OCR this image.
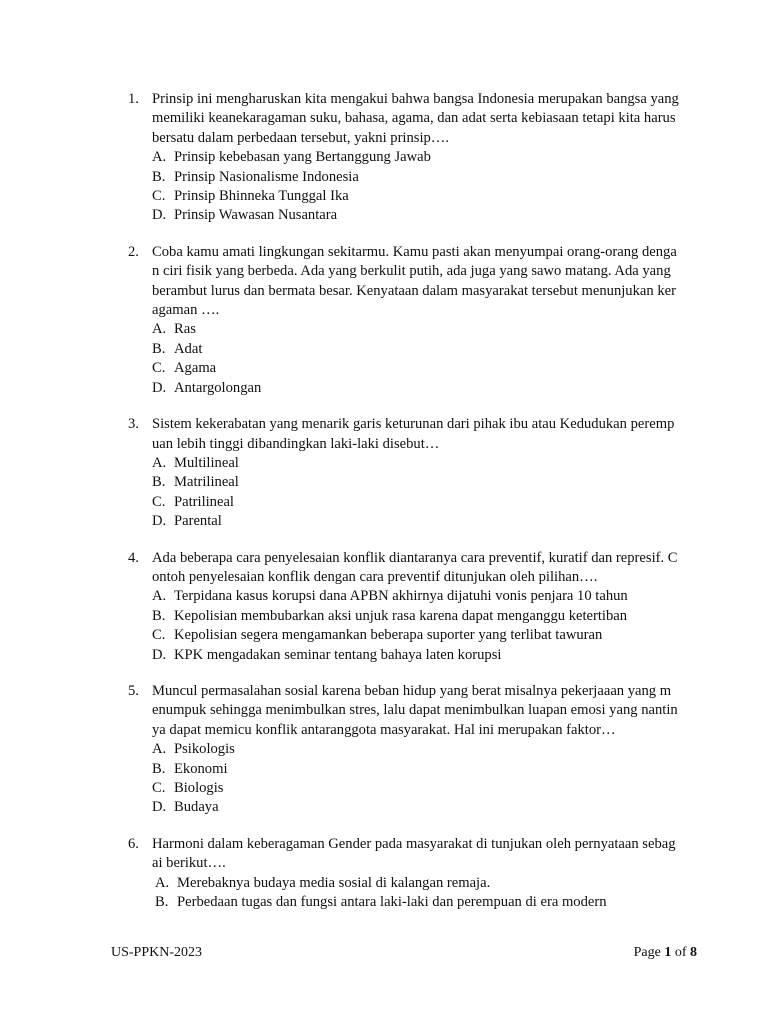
1. Prinsip ini mengharuskan kita mengakui bahwa bangsa Indonesia merupakan bangsa yang
memiliki keanekaragaman suku, bahasa, agama, dan adat serta kebiasaan tetapi kita harus
bersatu dalam perbedaan tersebut, yakni prinsip….
A. Prinsip kebebasan yang Bertanggung Jawab
B. Prinsip Nasionalisme Indonesia
C. Prinsip Bhinneka Tunggal Ika
D. Prinsip Wawasan Nusantara
2. Coba kamu amati lingkungan sekitarmu. Kamu pasti akan menyumpai orang-orang denga
n ciri fisik yang berbeda. Ada yang berkulit putih, ada juga yang sawo matang. Ada yang
berambut lurus dan bermata besar. Kenyataan dalam masyarakat tersebut menunjukan ker
agaman ….
A. Ras
B. Adat
C. Agama
D. Antargolongan
3. Sistem kekerabatan yang menarik garis keturunan dari pihak ibu atau Kedudukan peremp
uan lebih tinggi dibandingkan laki-laki disebut…
A. Multilineal
B. Matrilineal
C. Patrilineal
D. Parental
4. Ada beberapa cara penyelesaian konflik diantaranya cara preventif, kuratif dan represif. C
ontoh penyelesaian konflik dengan cara preventif ditunjukan oleh pilihan….
A. Terpidana kasus korupsi dana APBN akhirnya dijatuhi vonis penjara 10 tahun
B. Kepolisian membubarkan aksi unjuk rasa karena dapat menganggu ketertiban
C. Kepolisian segera mengamankan beberapa suporter yang terlibat tawuran
D. KPK mengadakan seminar tentang bahaya laten korupsi
5. Muncul permasalahan sosial karena beban hidup yang berat misalnya pekerjaaan yang m
enumpuk sehingga menimbulkan stres, lalu dapat menimbulkan luapan emosi yang nantin
ya dapat memicu konflik antaranggota masyarakat. Hal ini merupakan faktor…
A. Psikologis
B. Ekonomi
C. Biologis
D. Budaya
6. Harmoni dalam keberagaman Gender pada masyarakat di tunjukan oleh pernyataan sebag
ai berikut….
A. Merebaknya budaya media sosial di kalangan remaja.
B. Perbedaan tugas dan fungsi antara laki-laki dan perempuan di era modern
US-PPKN-2023	Page 1 of 8
